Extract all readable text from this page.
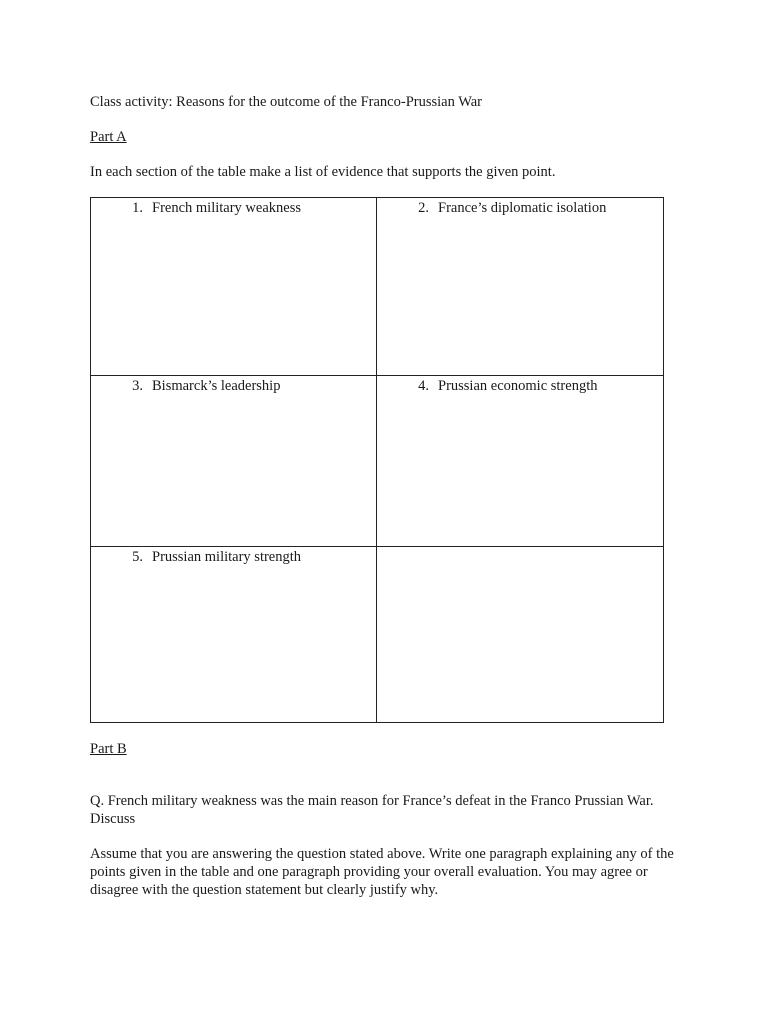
Class activity: Reasons for the outcome of the Franco-Prussian War
Part A
In each section of the table make a list of evidence that supports the given point.
1. French military weakness	2. France’s diplomatic isolation

3. Bismarck’s leadership	4. Prussian economic strength

5. Prussian military strength	

Part B
Q. French military weakness was the main reason for France’s defeat in the Franco Prussian War. Discuss
Assume that you are answering the question stated above. Write one paragraph explaining any of the points given in the table and one paragraph providing your overall evaluation. You may agree or disagree with the question statement but clearly justify why.
